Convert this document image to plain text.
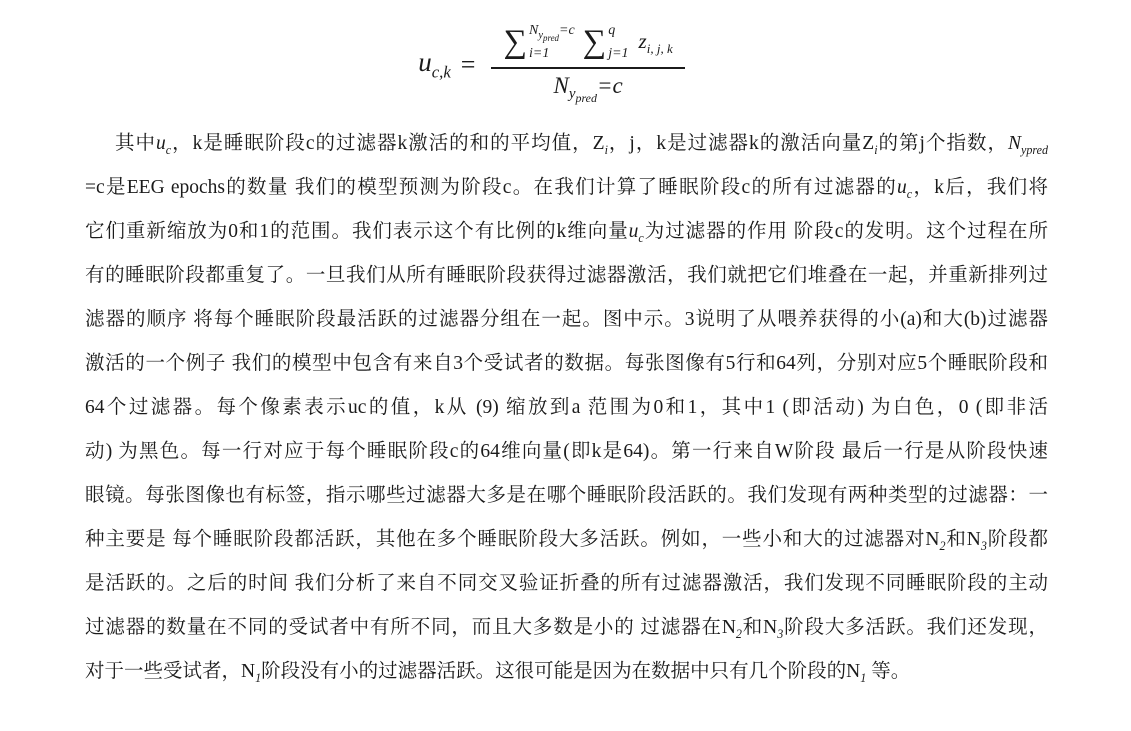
$u_{c,k}$ =
∑ $N_{y_{pred}}=c$
i=1	∑ q
j=1
$z_{i, j, k}$
$N_{y_{pred}}=c$
其中$u_c$，k是睡眠阶段c的过滤器k激活的和的平均值，$Z_i$，j，k是过滤器k的激活向量$Z_i$的第j个指数，$N_{ypred}$
=c是EEG epochs的数量 我们的模型预测为阶段c。在我们计算了睡眠阶段c的所有过滤器的$u_c$，k后，我们将
它们重新缩放为0和1的范围。我们表示这个有比例的k维向量$u_c$为过滤器的作用 阶段c的发明。这个过程在所
有的睡眠阶段都重复了。一旦我们从所有睡眠阶段获得过滤器激活，我们就把它们堆叠在一起，并重新排列过
滤器的顺序 将每个睡眠阶段最活跃的过滤器分组在一起。图中示。3说明了从喂养获得的小(a)和大(b)过滤器
激活的一个例子 我们的模型中包含有来自3个受试者的数据。每张图像有5行和64列，分别对应5个睡眠阶段和
64个过滤器。每个像素表示uc的值，k从 (9) 缩放到a 范围为0和1，其中1 (即活动) 为白色，0 (即非活
动) 为黑色。每一行对应于每个睡眠阶段c的64维向量(即k是64)。第一行来自W阶段 最后一行是从阶段快速
眼镜。每张图像也有标签，指示哪些过滤器大多是在哪个睡眠阶段活跃的。我们发现有两种类型的过滤器：一
种主要是 每个睡眠阶段都活跃，其他在多个睡眠阶段大多活跃。例如，一些小和大的过滤器对$N_2$和$N_3$阶段都
是活跃的。之后的时间 我们分析了来自不同交叉验证折叠的所有过滤器激活，我们发现不同睡眠阶段的主动
过滤器的数量在不同的受试者中有所不同，而且大多数是小的 过滤器在$N_2$和$N_3$阶段大多活跃。我们还发现，
对于一些受试者，$N_1$阶段没有小的过滤器活跃。这很可能是因为在数据中只有几个阶段的$N_1$ 等。
